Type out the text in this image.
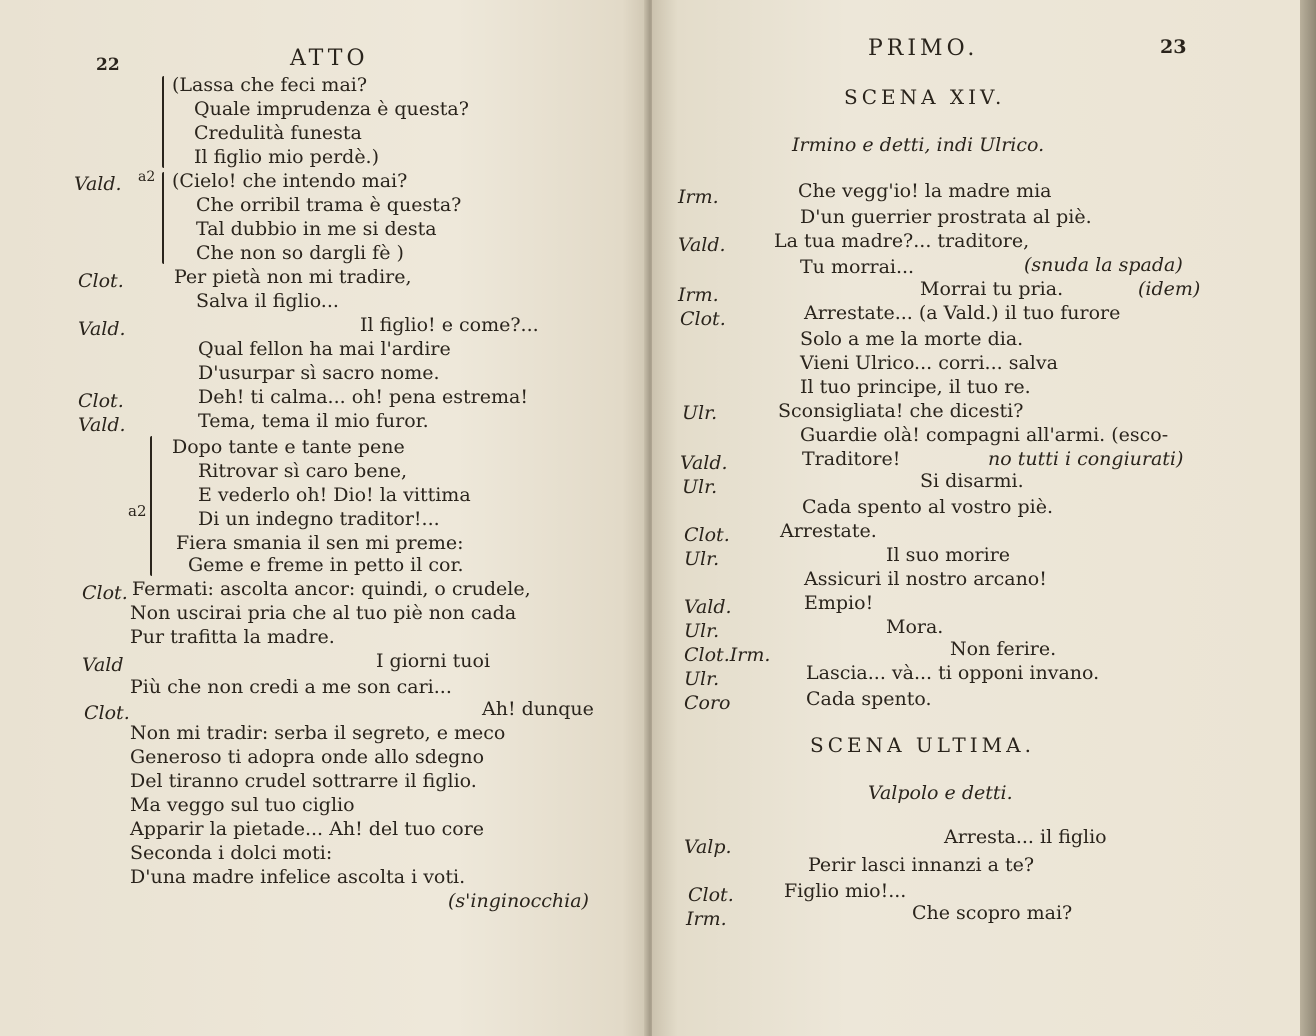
22	ATTO
a2
a2
(Lassa che feci mai?
Quale imprudenza è questa?
Credulità funesta
Il figlio mio perdè.)
Vald.	(Cielo! che intendo mai?
Che orribil trama è questa?
Tal dubbio in me si desta
Che non so dargli fè )
Clot.	Per pietà non mi tradire,
Salva il figlio...
Vald.	Il figlio! e come?...
Qual fellon ha mai l'ardire
D'usurpar sì sacro nome.
Clot.	Deh! ti calma... oh! pena estrema!
Vald.	Tema, tema il mio furor.
Dopo tante e tante pene
Ritrovar sì caro bene,
E vederlo oh! Dio! la vittima
Di un indegno traditor!...
Fiera smania il sen mi preme:
Geme e freme in petto il cor.
Clot. Fermati: ascolta ancor: quindi, o crudele,
Non uscirai pria che al tuo piè non cada
Pur trafitta la madre.
Vald	I giorni tuoi
Più che non credi a me son cari...
Clot.	Ah! dunque
Non mi tradir: serba il segreto, e meco
Generoso ti adopra onde allo sdegno
Del tiranno crudel sottrarre il figlio.
Ma veggo sul tuo ciglio
Apparir la pietade... Ah! del tuo core
Seconda i dolci moti:
D'una madre infelice ascolta i voti.
(s'inginocchia)
PRIMO.	23
SCENA XIV.
Irmino e detti, indi Ulrico.
Irm.	Che vegg'io! la madre mia
D'un guerrier prostrata al piè.
Vald.	La tua madre?... traditore,
Tu morrai...	(snuda la spada)
Irm.	Morrai tu pria.	(idem)
Clot.	Arrestate... (a Vald.) il tuo furore
Solo a me la morte dia.
Vieni Ulrico... corri... salva
Il tuo principe, il tuo re.
Ulr.	Sconsigliata! che dicesti?
Guardie olà! compagni all'armi. (esco-
Vald.	Traditore!	no tutti i congiurati)
Ulr.	Si disarmi.
Cada spento al vostro piè.
Clot.	Arrestate.
Ulr.	Il suo morire
Assicuri il nostro arcano!
Vald.	Empio!
Ulr.	Mora.
Clot.Irm.	Non ferire.
Ulr.	Lascia... và... ti opponi invano.
Coro	Cada spento.
SCENA ULTIMA.
Valpolo e detti.
Valp.	Arresta... il figlio
Perir lasci innanzi a te?
Clot.	Figlio mio!...
Irm.	Che scopro mai?
